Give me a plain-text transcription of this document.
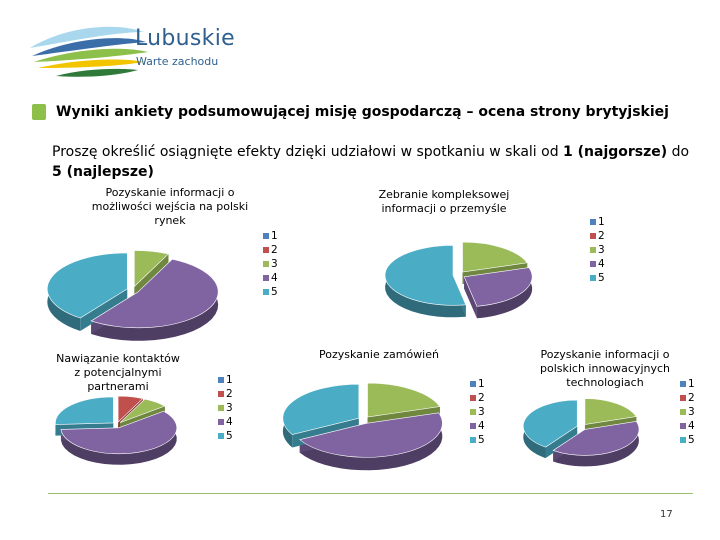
Lubuskie
Warte zachodu
Wyniki ankiety podsumowującej misję gospodarczą – ocena strony brytyjskiej
Proszę określić osiągnięte efekty dzięki udziałowi w spotkaniu w skali od 1 (najgorsze) do 5 (najlepsze)
Pozyskanie informacji o możliwości wejścia na polski rynek
Zebranie kompleksowej informacji o przemyśle
Nawiązanie kontaktów z potencjalnymi partnerami
Pozyskanie zamówień	Pozyskanie informacji o polskich innowacyjnych technologiach
1
2
3
4
5
1
2
3
4
5
1
2
3
4
5
1
2
3
4
5
1
2
3
4
5
17
